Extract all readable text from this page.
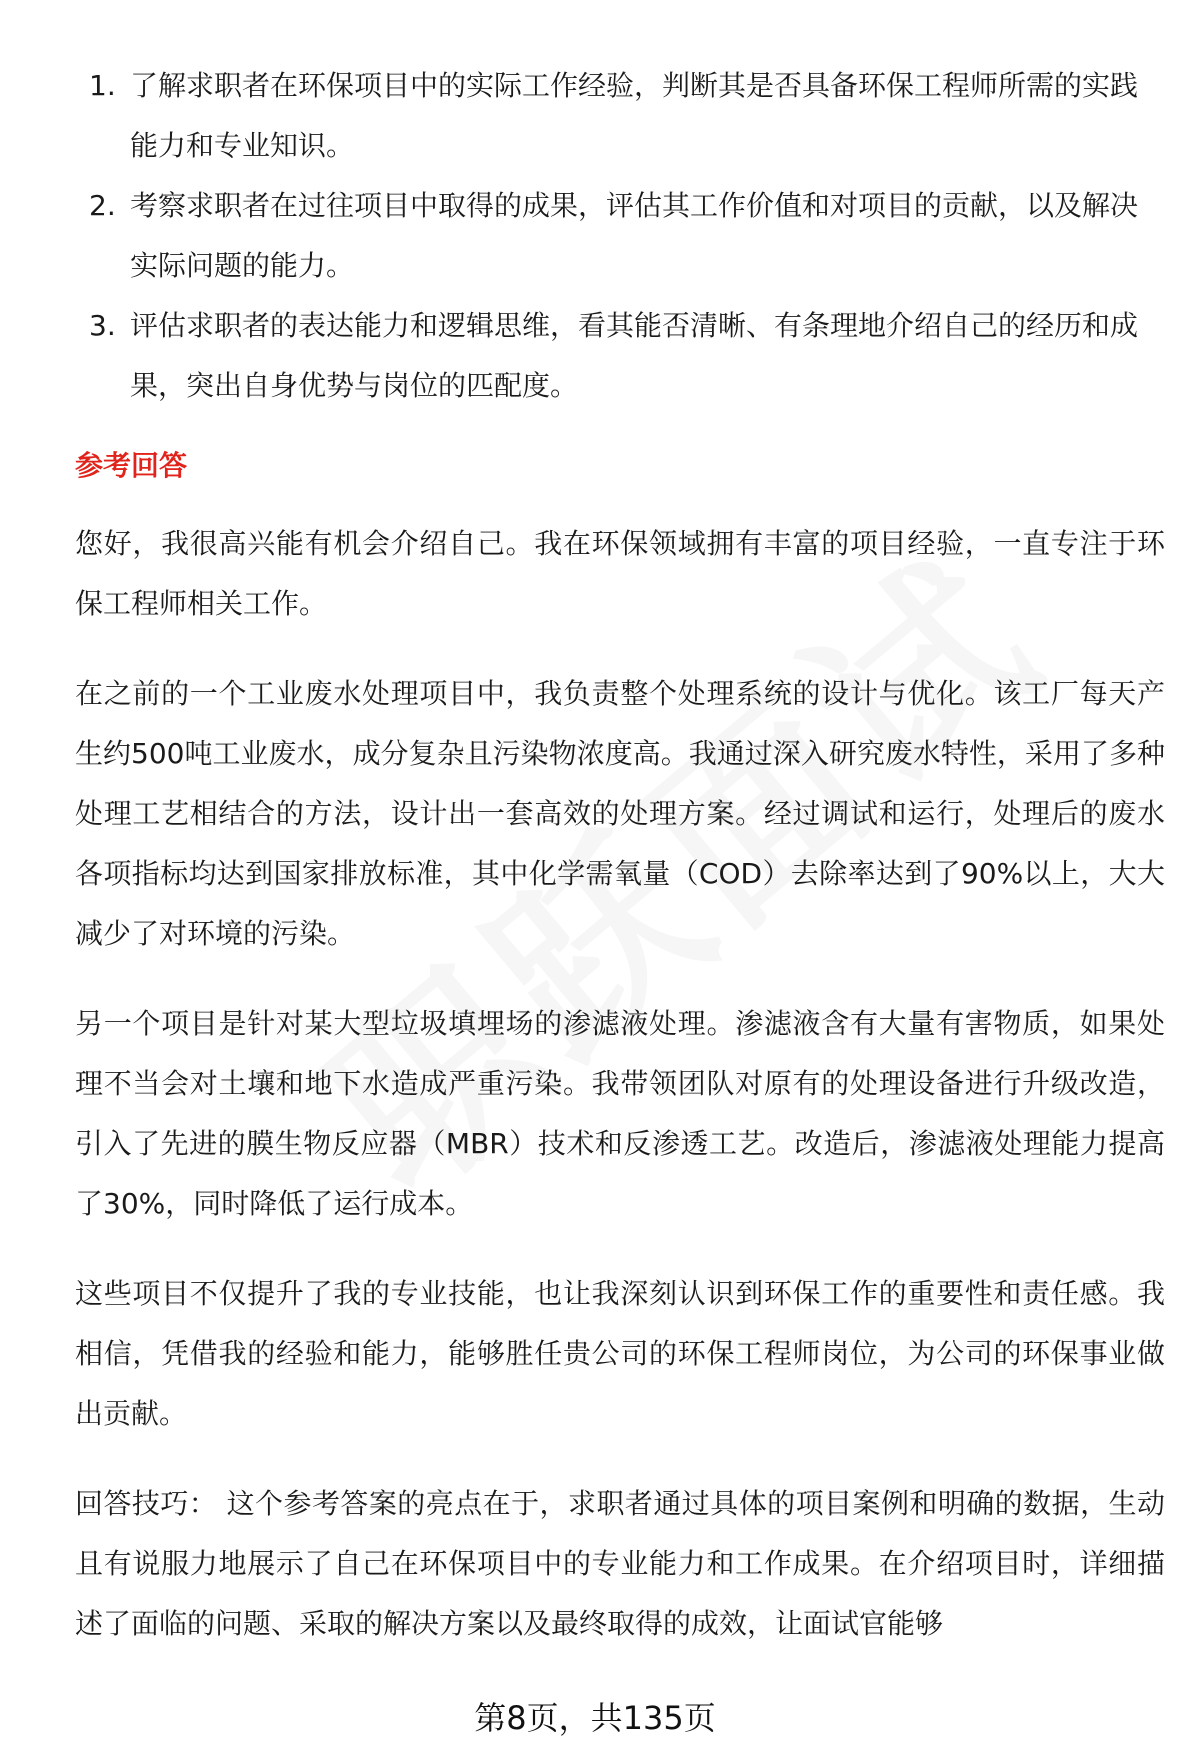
1. 了解求职者在环保项目中的实际工作经验，判断其是否具备环保工程师所需的实践能力和专业知识。
2. 考察求职者在过往项目中取得的成果，评估其工作价值和对项目的贡献，以及解决实际问题的能力。
3. 评估求职者的表达能力和逻辑思维，看其能否清晰、有条理地介绍自己的经历和成果，突出自身优势与岗位的匹配度。
参考回答

您好，我很高兴能有机会介绍自己。我在环保领域拥有丰富的项目经验，一直专注于环保工程师相关工作。

在之前的一个工业废水处理项目中，我负责整个处理系统的设计与优化。该工厂每天产生约500吨工业废水，成分复杂且污染物浓度高。我通过深入研究废水特性，采用了多种处理工艺相结合的方法，设计出一套高效的处理方案。经过调试和运行，处理后的废水各项指标均达到国家排放标准，其中化学需氧量（COD）去除率达到了90%以上，大大减少了对环境的污染。

另一个项目是针对某大型垃圾填埋场的渗滤液处理。渗滤液含有大量有害物质，如果处理不当会对土壤和地下水造成严重污染。我带领团队对原有的处理设备进行升级改造，引入了先进的膜生物反应器（MBR）技术和反渗透工艺。改造后，渗滤液处理能力提高了30%，同时降低了运行成本。

这些项目不仅提升了我的专业技能，也让我深刻认识到环保工作的重要性和责任感。我相信，凭借我的经验和能力，能够胜任贵公司的环保工程师岗位，为公司的环保事业做出贡献。

回答技巧： 这个参考答案的亮点在于，求职者通过具体的项目案例和明确的数据，生动且有说服力地展示了自己在环保项目中的专业能力和工作成果。在介绍项目时，详细描述了面临的问题、采取的解决方案以及最终取得的成效，让面试官能够

第8页，共135页
